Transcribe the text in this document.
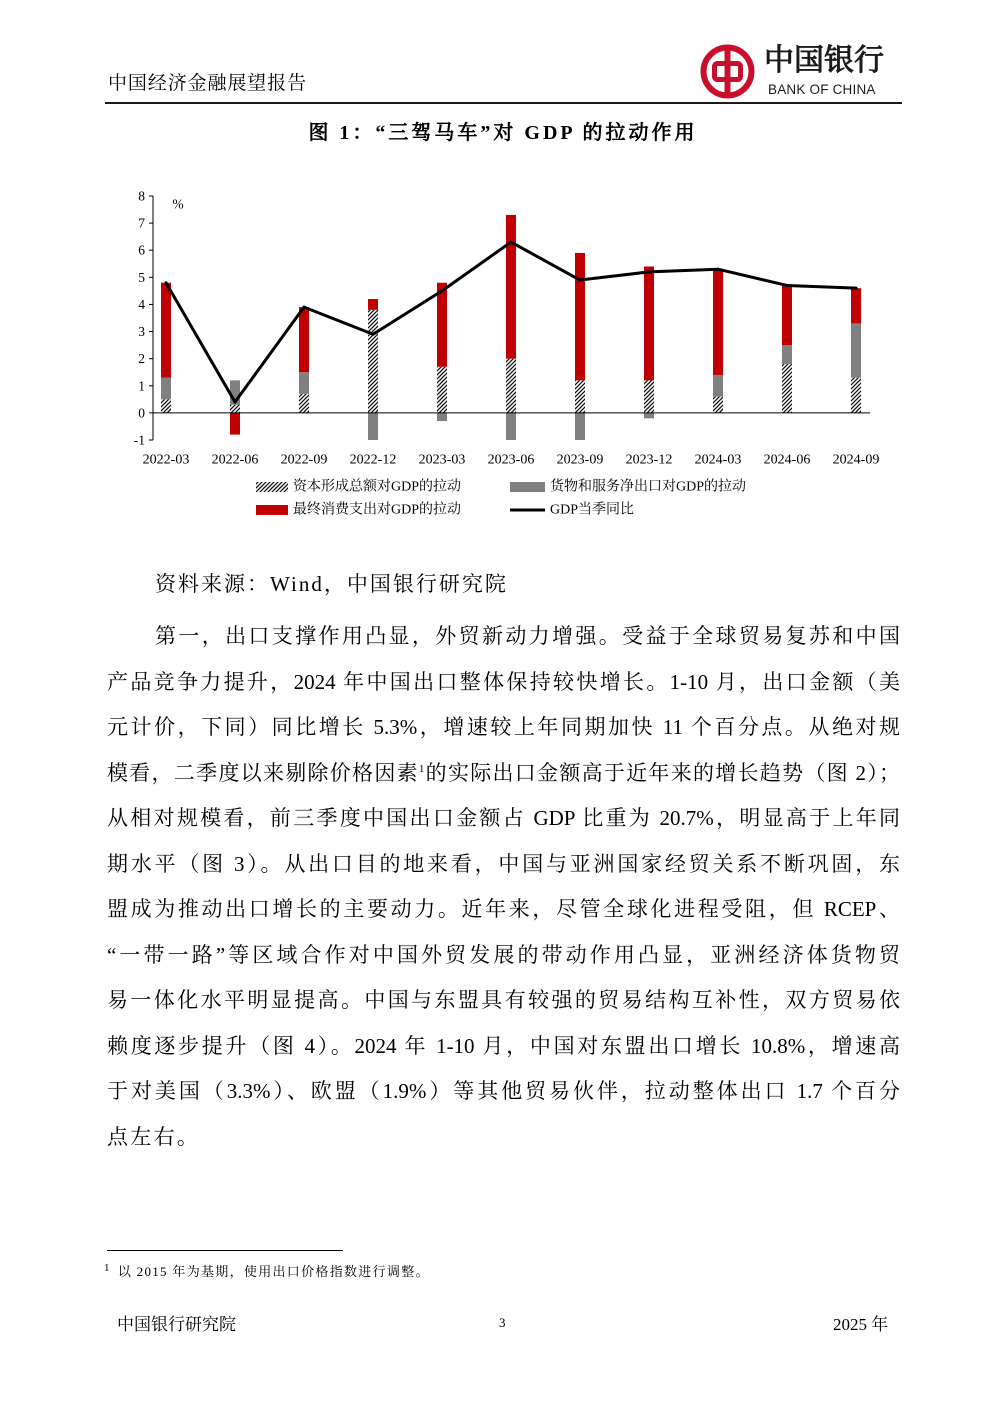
中国经济金融展望报告
中国银行
BANK OF CHINA
图 1：“三驾马车”对 GDP 的拉动作用
-1
0
1
2
3
4
5
6
7
8
%
2022-03 2022-06 2022-09 2022-12 2023-03 2023-06 2023-09 2023-12 2024-03 2024-06 2024-09
资本形成总额对GDP的拉动	货物和服务净出口对GDP的拉动
最终消费支出对GDP的拉动	GDP当季同比
资料来源：Wind，中国银行研究院
第一，出口支撑作用凸显，外贸新动力增强。受益于全球贸易复苏和中国
产品竞争力提升，2024 年中国出口整体保持较快增长。1-10 月，出口金额（美
元计价，下同）同比增长 5.3%，增速较上年同期加快 11 个百分点。从绝对规
模看，二季度以来剔除价格因素$^1$的实际出口金额高于近年来的增长趋势（图 2）；
从相对规模看，前三季度中国出口金额占 GDP 比重为 20.7%，明显高于上年同
期水平（图 3）。从出口目的地来看，中国与亚洲国家经贸关系不断巩固，东
盟成为推动出口增长的主要动力。近年来，尽管全球化进程受阻，但 RCEP、
“一带一路”等区域合作对中国外贸发展的带动作用凸显，亚洲经济体货物贸
易一体化水平明显提高。中国与东盟具有较强的贸易结构互补性，双方贸易依
赖度逐步提升（图 4）。2024 年 1-10 月，中国对东盟出口增长 10.8%，增速高
于对美国（3.3%）、欧盟（1.9%）等其他贸易伙伴，拉动整体出口 1.7 个百分
点左右。
$^1$ 以 2015 年为基期，使用出口价格指数进行调整。
中国银行研究院	3	2025 年
